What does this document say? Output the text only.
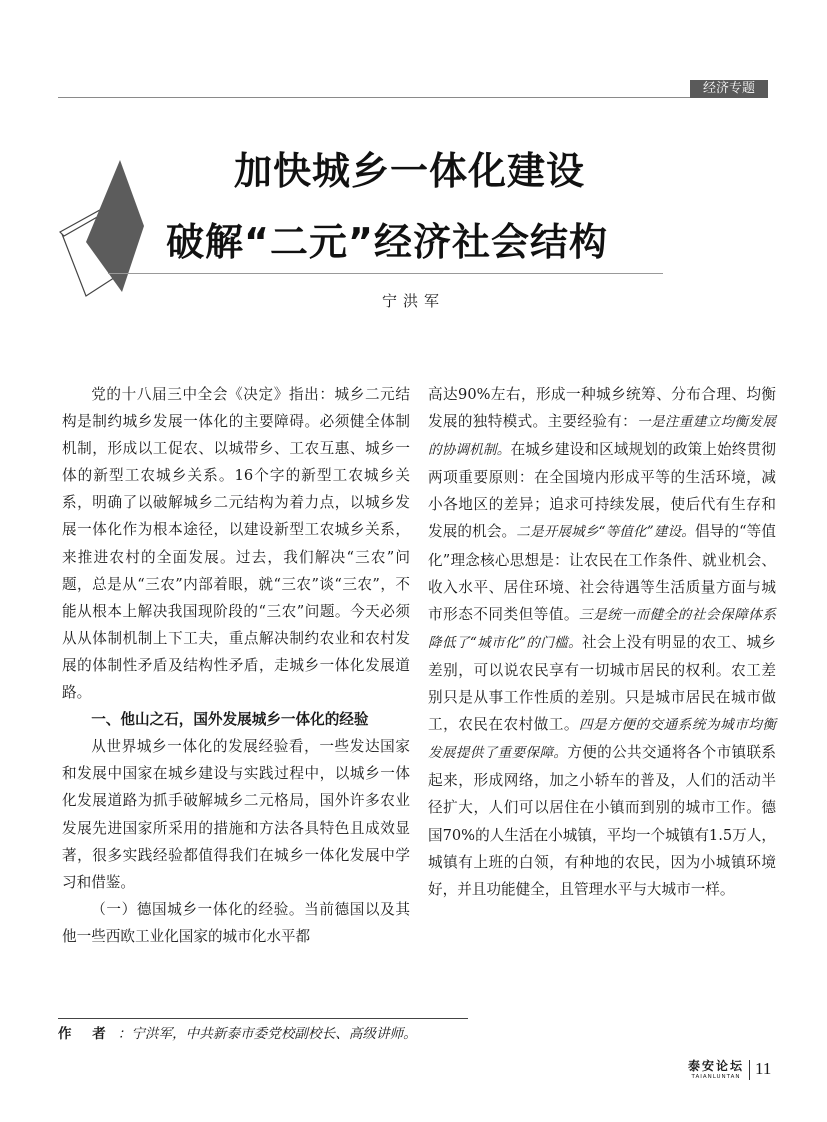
经济专题
加快城乡一体化建设
破解“二元”经济社会结构
宁洪军

党的十八届三中全会《决定》指出：城乡二元结构是制约城乡发展一体化的主要障碍。必须健全体制机制，形成以工促农、以城带乡、工农互惠、城乡一体的新型工农城乡关系。16个字的新型工农城乡关系，明确了以破解城乡二元结构为着力点，以城乡发展一体化作为根本途径，以建设新型工农城乡关系，来推进农村的全面发展。过去，我们解决“三农”问题，总是从“三农”内部着眼，就“三农”谈“三农”，不能从根本上解决我国现阶段的“三农”问题。今天必须从从体制机制上下工夫，重点解决制约农业和农村发展的体制性矛盾及结构性矛盾，走城乡一体化发展道路。

一、他山之石，国外发展城乡一体化的经验

从世界城乡一体化的发展经验看，一些发达国家和发展中国家在城乡建设与实践过程中，以城乡一体化发展道路为抓手破解城乡二元格局，国外许多农业发展先进国家所采用的措施和方法各具特色且成效显著，很多实践经验都值得我们在城乡一体化发展中学习和借鉴。

（一）德国城乡一体化的经验。当前德国以及其他一些西欧工业化国家的城市化水平都

高达90%左右，形成一种城乡统筹、分布合理、均衡发展的独特模式。主要经验有：一是注重建立均衡发展的协调机制。在城乡建设和区域规划的政策上始终贯彻两项重要原则：在全国境内形成平等的生活环境，减小各地区的差异；追求可持续发展，使后代有生存和发展的机会。二是开展城乡“等值化”建设。倡导的“等值化”理念核心思想是：让农民在工作条件、就业机会、收入水平、居住环境、社会待遇等生活质量方面与城市形态不同类但等值。三是统一而健全的社会保障体系降低了“城市化”的门槛。社会上没有明显的农工、城乡差别，可以说农民享有一切城市居民的权利。农工差别只是从事工作性质的差别。只是城市居民在城市做工，农民在农村做工。四是方便的交通系统为城市均衡发展提供了重要保障。方便的公共交通将各个市镇联系起来，形成网络，加之小轿车的普及，人们的活动半径扩大，人们可以居住在小镇而到别的城市工作。德国70%的人生活在小城镇，平均一个城镇有1.5万人，城镇有上班的白领，有种地的农民，因为小城镇环境好，并且功能健全，且管理水平与大城市一样。

作 者 ：宁洪军，中共新泰市委党校副校长、高级讲师。
泰安论坛
TAIANLUNTAN 11
